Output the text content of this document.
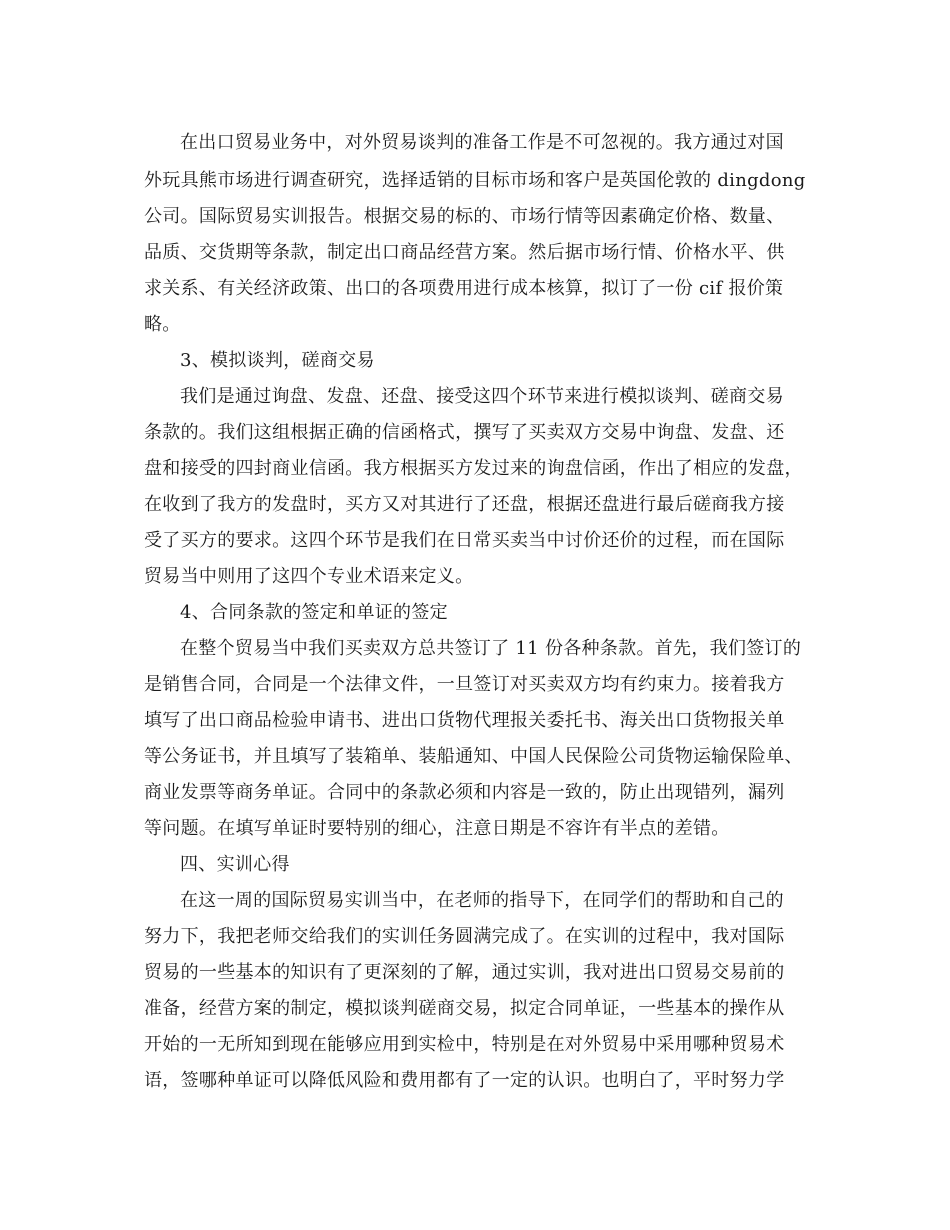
在出口贸易业务中，对外贸易谈判的准备工作是不可忽视的。我方通过对国
外玩具熊市场进行调查研究，选择适销的目标市场和客户是英国伦敦的 dingdong
公司。国际贸易实训报告。根据交易的标的、市场行情等因素确定价格、数量、
品质、交货期等条款，制定出口商品经营方案。然后据市场行情、价格水平、供
求关系、有关经济政策、出口的各项费用进行成本核算，拟订了一份 cif 报价策
略。
3、模拟谈判，磋商交易
我们是通过询盘、发盘、还盘、接受这四个环节来进行模拟谈判、磋商交易
条款的。我们这组根据正确的信函格式，撰写了买卖双方交易中询盘、发盘、还
盘和接受的四封商业信函。我方根据买方发过来的询盘信函，作出了相应的发盘，
在收到了我方的发盘时，买方又对其进行了还盘，根据还盘进行最后磋商我方接
受了买方的要求。这四个环节是我们在日常买卖当中讨价还价的过程，而在国际
贸易当中则用了这四个专业术语来定义。
4、合同条款的签定和单证的签定
在整个贸易当中我们买卖双方总共签订了 11 份各种条款。首先，我们签订的
是销售合同，合同是一个法律文件，一旦签订对买卖双方均有约束力。接着我方
填写了出口商品检验申请书、进出口货物代理报关委托书、海关出口货物报关单
等公务证书，并且填写了装箱单、装船通知、中国人民保险公司货物运输保险单、
商业发票等商务单证。合同中的条款必须和内容是一致的，防止出现错列，漏列
等问题。在填写单证时要特别的细心，注意日期是不容许有半点的差错。
四、实训心得
在这一周的国际贸易实训当中，在老师的指导下，在同学们的帮助和自己的
努力下，我把老师交给我们的实训任务圆满完成了。在实训的过程中，我对国际
贸易的一些基本的知识有了更深刻的了解，通过实训，我对进出口贸易交易前的
准备，经营方案的制定，模拟谈判磋商交易，拟定合同单证，一些基本的操作从
开始的一无所知到现在能够应用到实检中，特别是在对外贸易中采用哪种贸易术
语，签哪种单证可以降低风险和费用都有了一定的认识。也明白了，平时努力学
